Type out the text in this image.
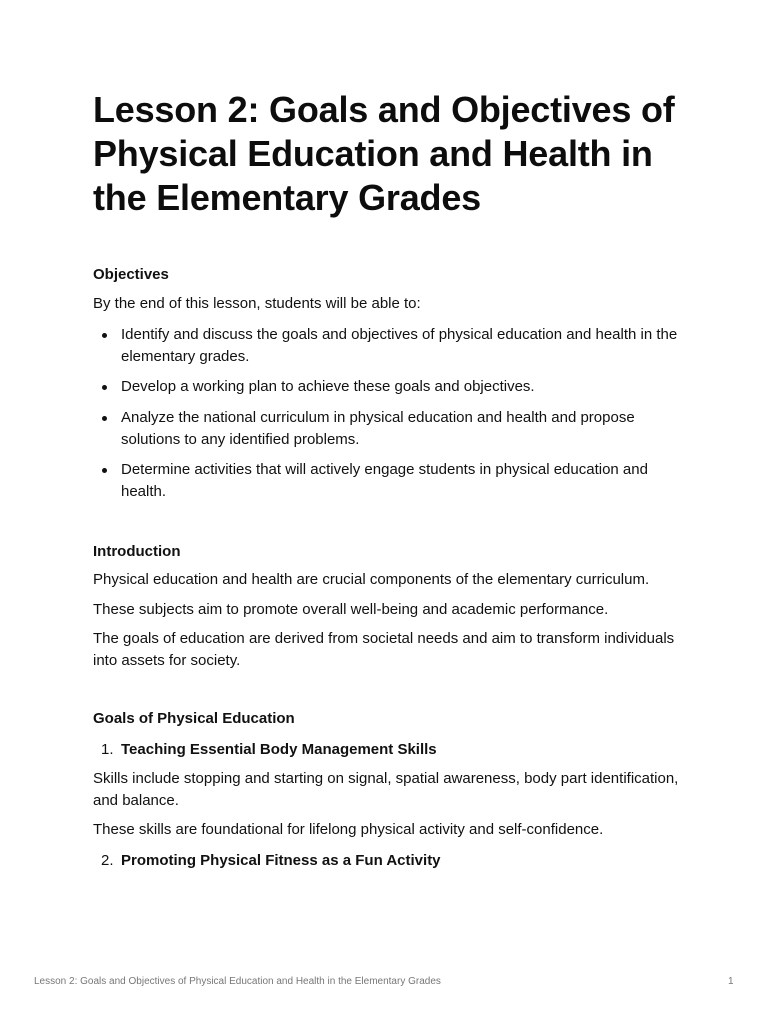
Lesson 2: Goals and Objectives of Physical Education and Health in the Elementary Grades
Objectives

By the end of this lesson, students will be able to:

Identify and discuss the goals and objectives of physical education and health in the elementary grades.
Develop a working plan to achieve these goals and objectives.
Analyze the national curriculum in physical education and health and propose solutions to any identified problems.
Determine activities that will actively engage students in physical education and health.
Introduction

Physical education and health are crucial components of the elementary curriculum.

These subjects aim to promote overall well-being and academic performance.

The goals of education are derived from societal needs and aim to transform individuals into assets for society.

Goals of Physical Education
1. Teaching Essential Body Management Skills

Skills include stopping and starting on signal, spatial awareness, body part identification, and balance.

These skills are foundational for lifelong physical activity and self-confidence.

2. Promoting Physical Fitness as a Fun Activity
Lesson 2: Goals and Objectives of Physical Education and Health in the Elementary Grades	1
